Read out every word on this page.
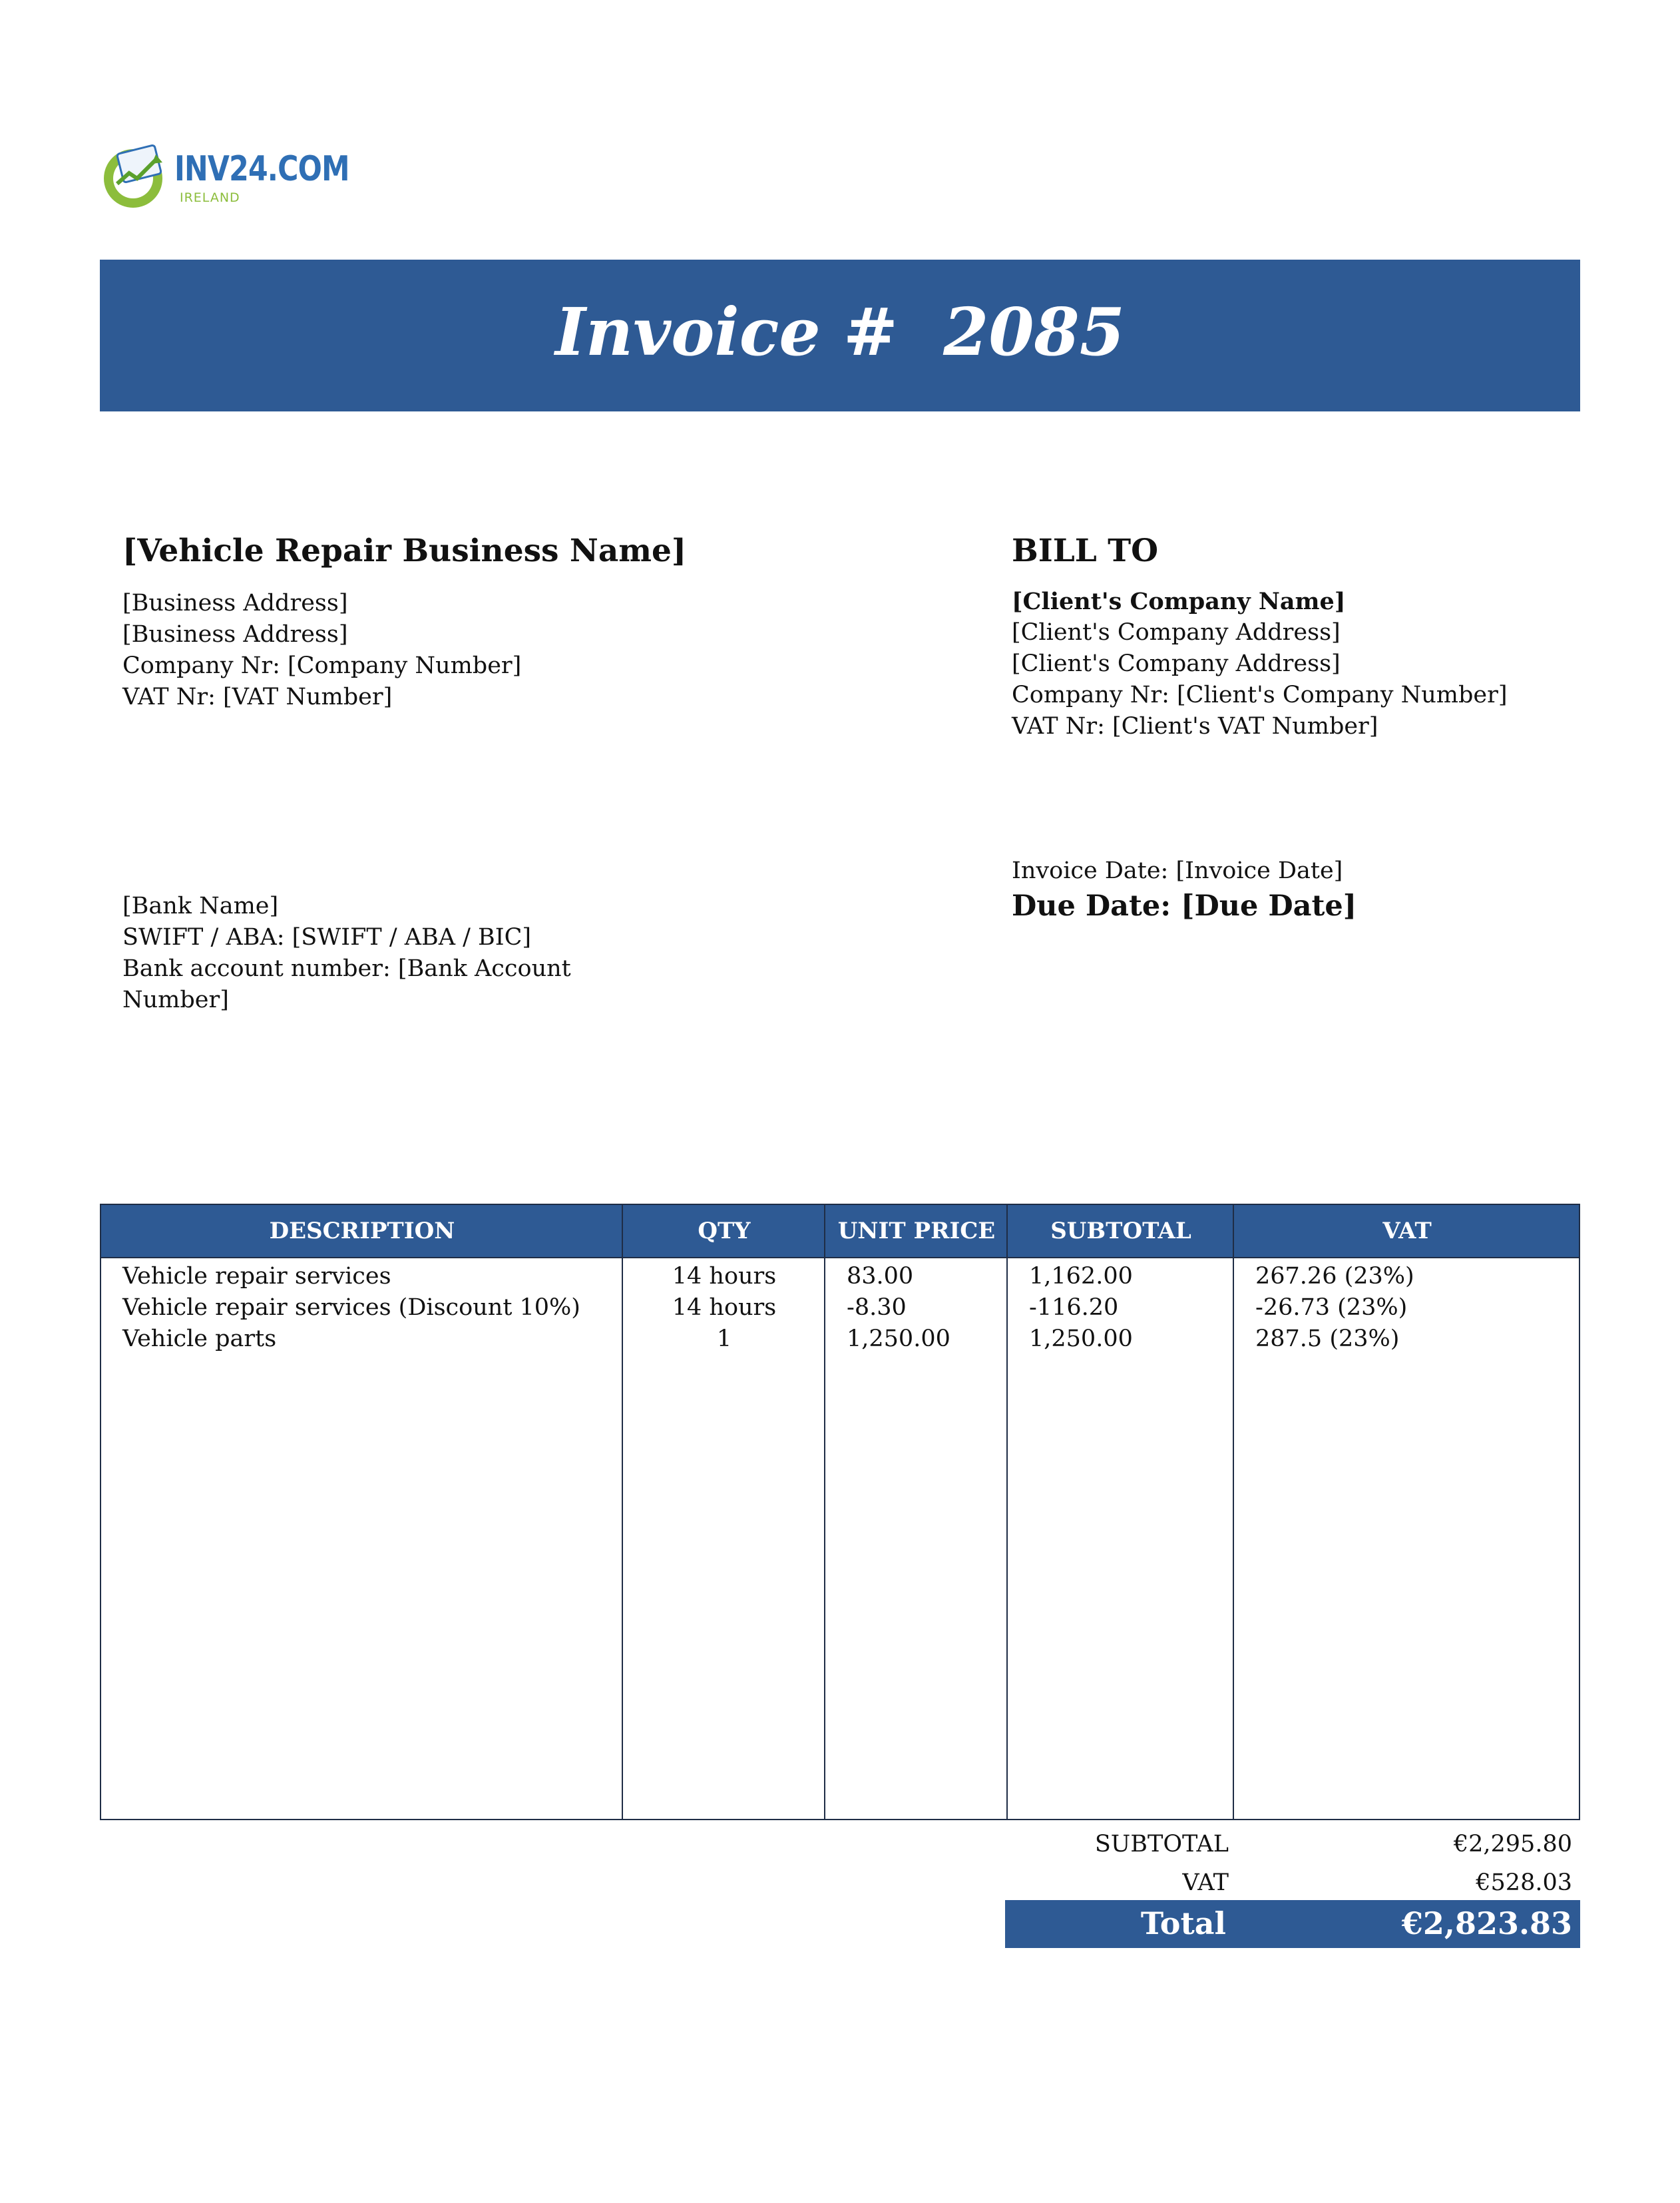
INV24.COM
IRELAND
Invoice #  2085
[Vehicle Repair Business Name]
[Business Address]
[Business Address]
Company Nr: [Company Number]
VAT Nr: [VAT Number]
BILL TO
[Client's Company Name]
[Client's Company Address]
[Client's Company Address]
Company Nr: [Client's Company Number]
VAT Nr: [Client's VAT Number]
[Bank Name]
SWIFT / ABA: [SWIFT / ABA / BIC]
Bank account number: [Bank Account
Number]
Invoice Date: [Invoice Date]
Due Date: [Due Date]
DESCRIPTION	QTY	UNIT PRICE	SUBTOTAL	VAT
Vehicle repair services	14 hours	83.00	1,162.00	267.26 (23%)
Vehicle repair services (Discount 10%)	14 hours	-8.30	-116.20	-26.73 (23%)
Vehicle parts	1	1,250.00	1,250.00	287.5 (23%)
SUBTOTAL	€2,295.80
VAT	€528.03
Total	€2,823.83
